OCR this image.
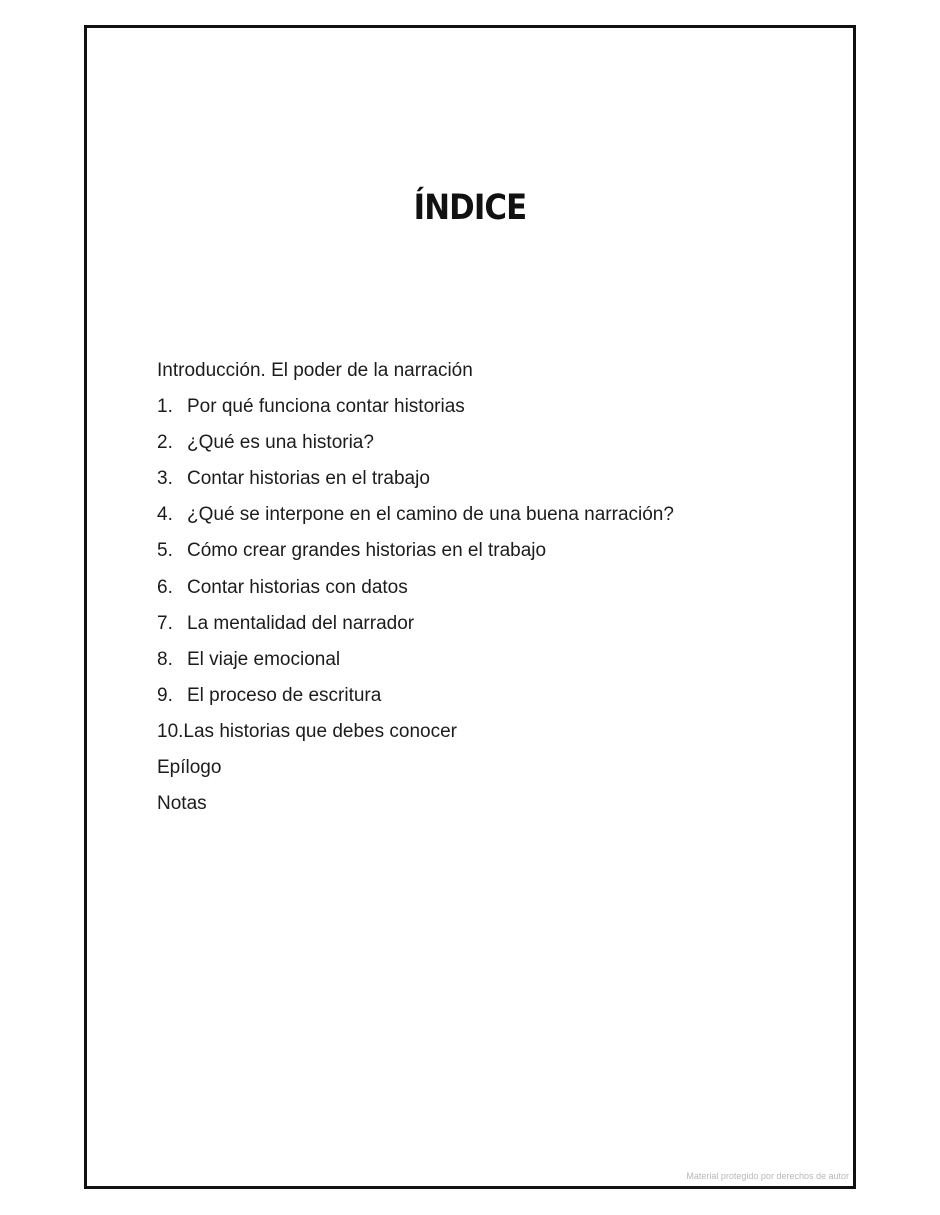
ÍNDICE
Introducción. El poder de la narración
1. Por qué funciona contar historias
2. ¿Qué es una historia?
3. Contar historias en el trabajo
4. ¿Qué se interpone en el camino de una buena narración?
5. Cómo crear grandes historias en el trabajo
6. Contar historias con datos
7. La mentalidad del narrador
8. El viaje emocional
9. El proceso de escritura
10. Las historias que debes conocer
Epílogo
Notas
Material protegido por derechos de autor
